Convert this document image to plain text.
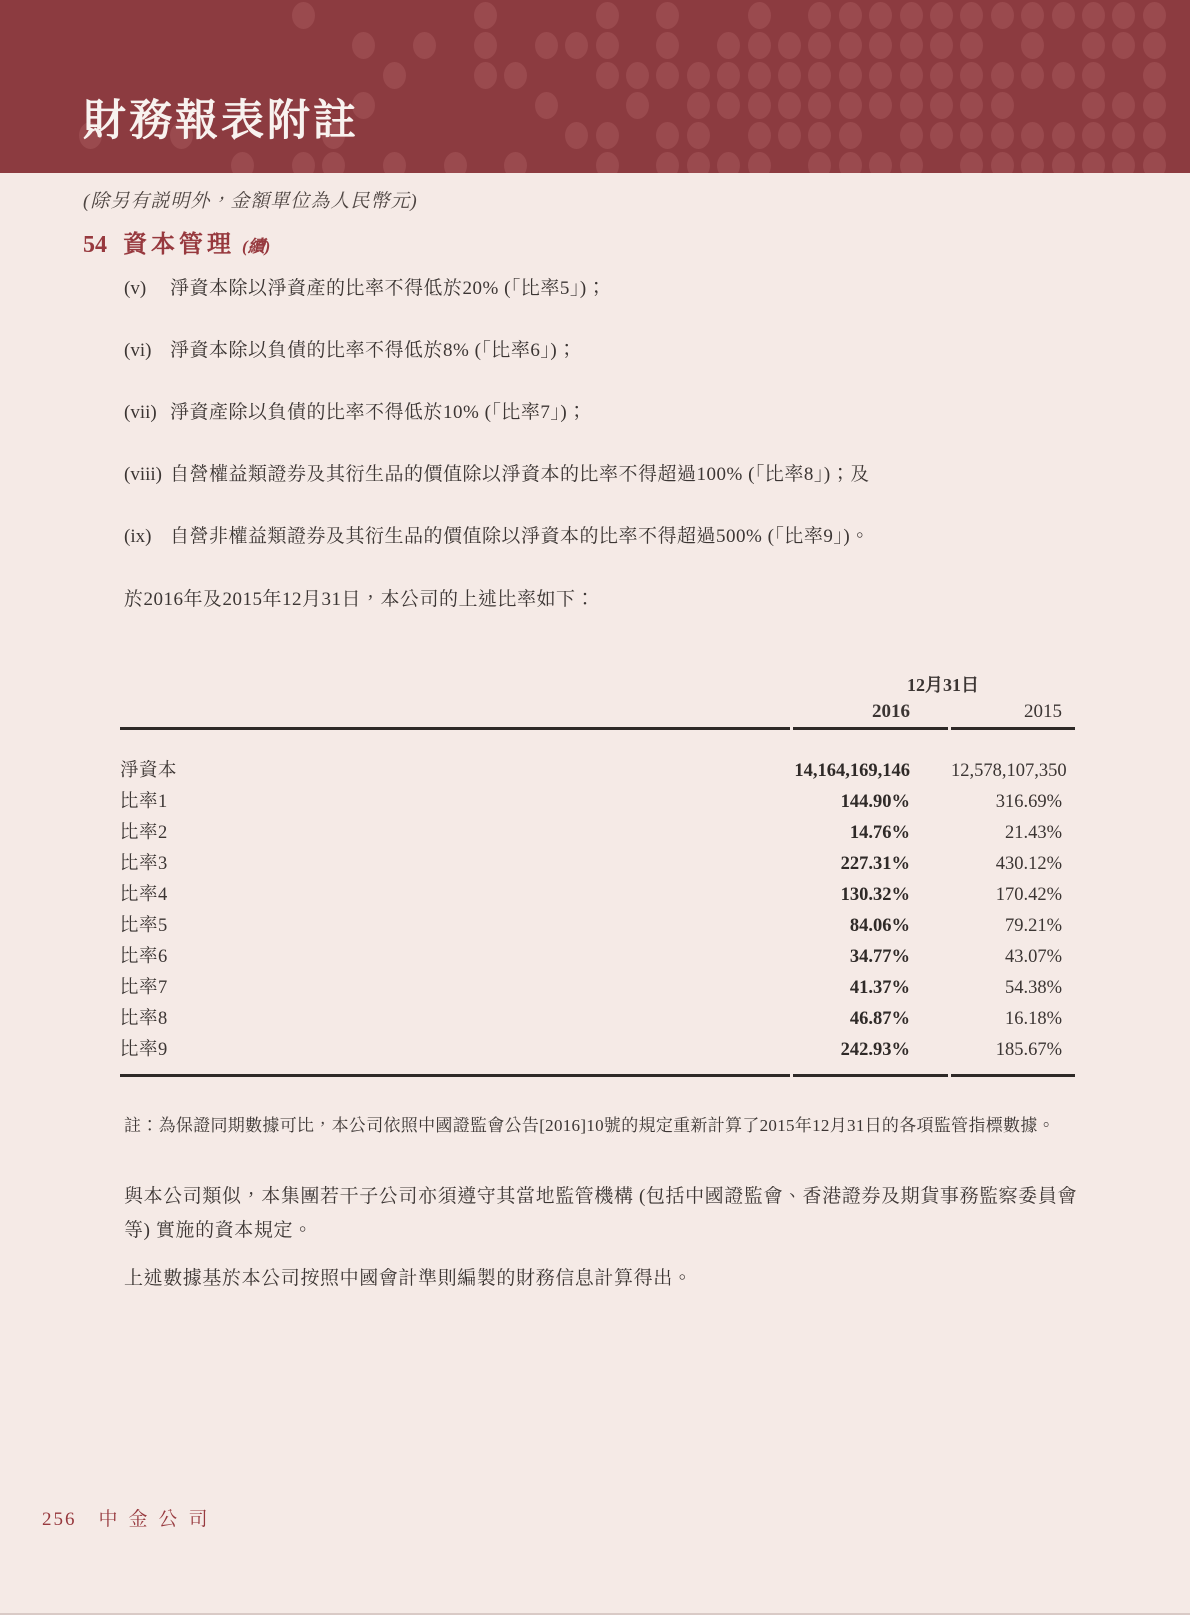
財務報表附註

(除另有説明外，金額單位為人民幣元)

54 資本管理 (續)
(v)	淨資本除以淨資產的比率不得低於20% (「比率5」)；
(vi) 淨資本除以負債的比率不得低於8% (「比率6」)；
(vii) 淨資產除以負債的比率不得低於10% (「比率7」)；
(viii) 自營權益類證券及其衍生品的價值除以淨資本的比率不得超過100% (「比率8」)；及
(ix) 自營非權益類證券及其衍生品的價值除以淨資本的比率不得超過500% (「比率9」)。

於2016年及2015年12月31日，本公司的上述比率如下：

12月31日
2016	2015
淨資本	14,164,169,146	12,578,107,350
比率1	144.90%	316.69%
比率2	14.76%	21.43%
比率3	227.31%	430.12%
比率4	130.32%	170.42%
比率5	84.06%	79.21%
比率6	34.77%	43.07%
比率7	41.37%	54.38%
比率8	46.87%	16.18%
比率9	242.93%	185.67%

註：為保證同期數據可比，本公司依照中國證監會公告[2016]10號的規定重新計算了2015年12月31日的各項監管指標數據。

與本公司類似，本集團若干子公司亦須遵守其當地監管機構 (包括中國證監會、香港證券及期貨事務監察委員會等) 實施的資本規定。

上述數據基於本公司按照中國會計準則編製的財務信息計算得出。

256 中金公司
